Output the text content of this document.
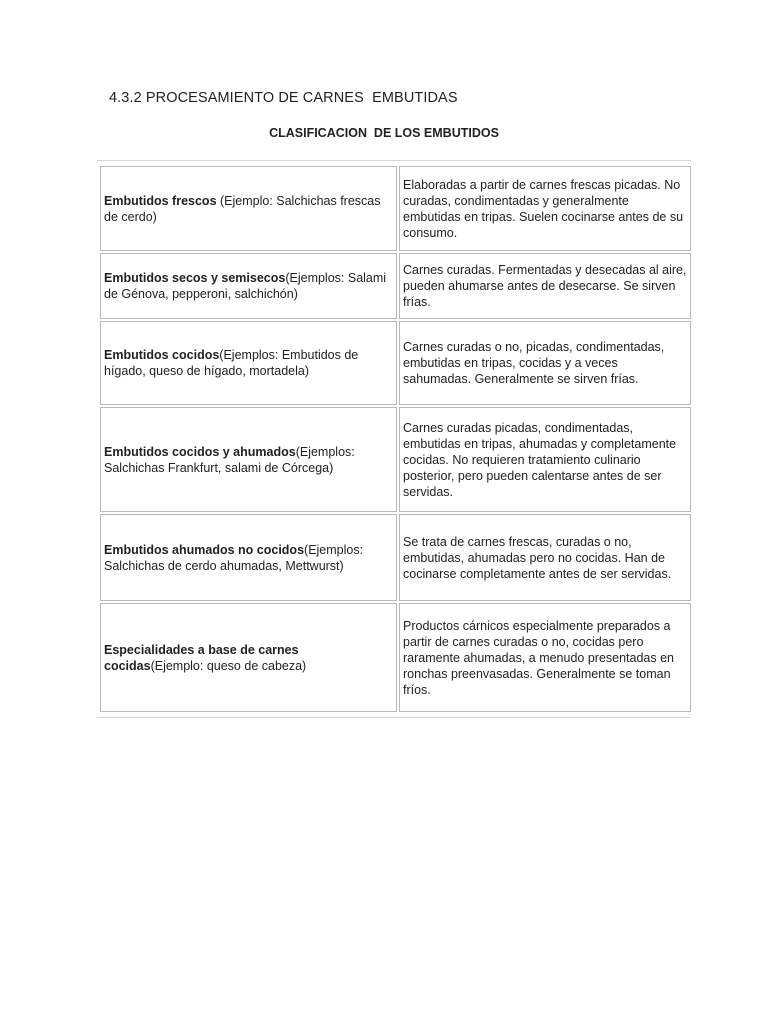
4.3.2 PROCESAMIENTO DE CARNES  EMBUTIDAS
CLASIFICACION  DE LOS EMBUTIDOS
Embutidos frescos (Ejemplo: Salchichas frescas de cerdo)	Elaboradas a partir de carnes frescas picadas. No curadas, condimentadas y generalmente embutidas en tripas. Suelen cocinarse antes de su consumo.
Embutidos secos y semisecos(Ejemplos: Salami de Génova, pepperoni, salchichón)	Carnes curadas. Fermentadas y desecadas al aire, pueden ahumarse antes de desecarse. Se sirven frías.
Embutidos cocidos(Ejemplos: Embutidos de hígado, queso de hígado, mortadela)	Carnes curadas o no, picadas, condimentadas, embutidas en tripas, cocidas y a veces sahumadas. Generalmente se sirven frías.
Embutidos cocidos y ahumados(Ejemplos: Salchichas Frankfurt, salami de Córcega)	Carnes curadas picadas, condimentadas, embutidas en tripas, ahumadas y completamente cocidas. No requieren tratamiento culinario posterior, pero pueden calentarse antes de ser servidas.
Embutidos ahumados no cocidos(Ejemplos: Salchichas de cerdo ahumadas, Mettwurst)	Se trata de carnes frescas, curadas o no, embutidas, ahumadas pero no cocidas. Han de cocinarse completamente antes de ser servidas.
Especialidades a base de carnes cocidas(Ejemplo: queso de cabeza)	Productos cárnicos especialmente preparados a partir de carnes curadas o no, cocidas pero raramente ahumadas, a menudo presentadas en ronchas preenvasadas. Generalmente se toman fríos.
